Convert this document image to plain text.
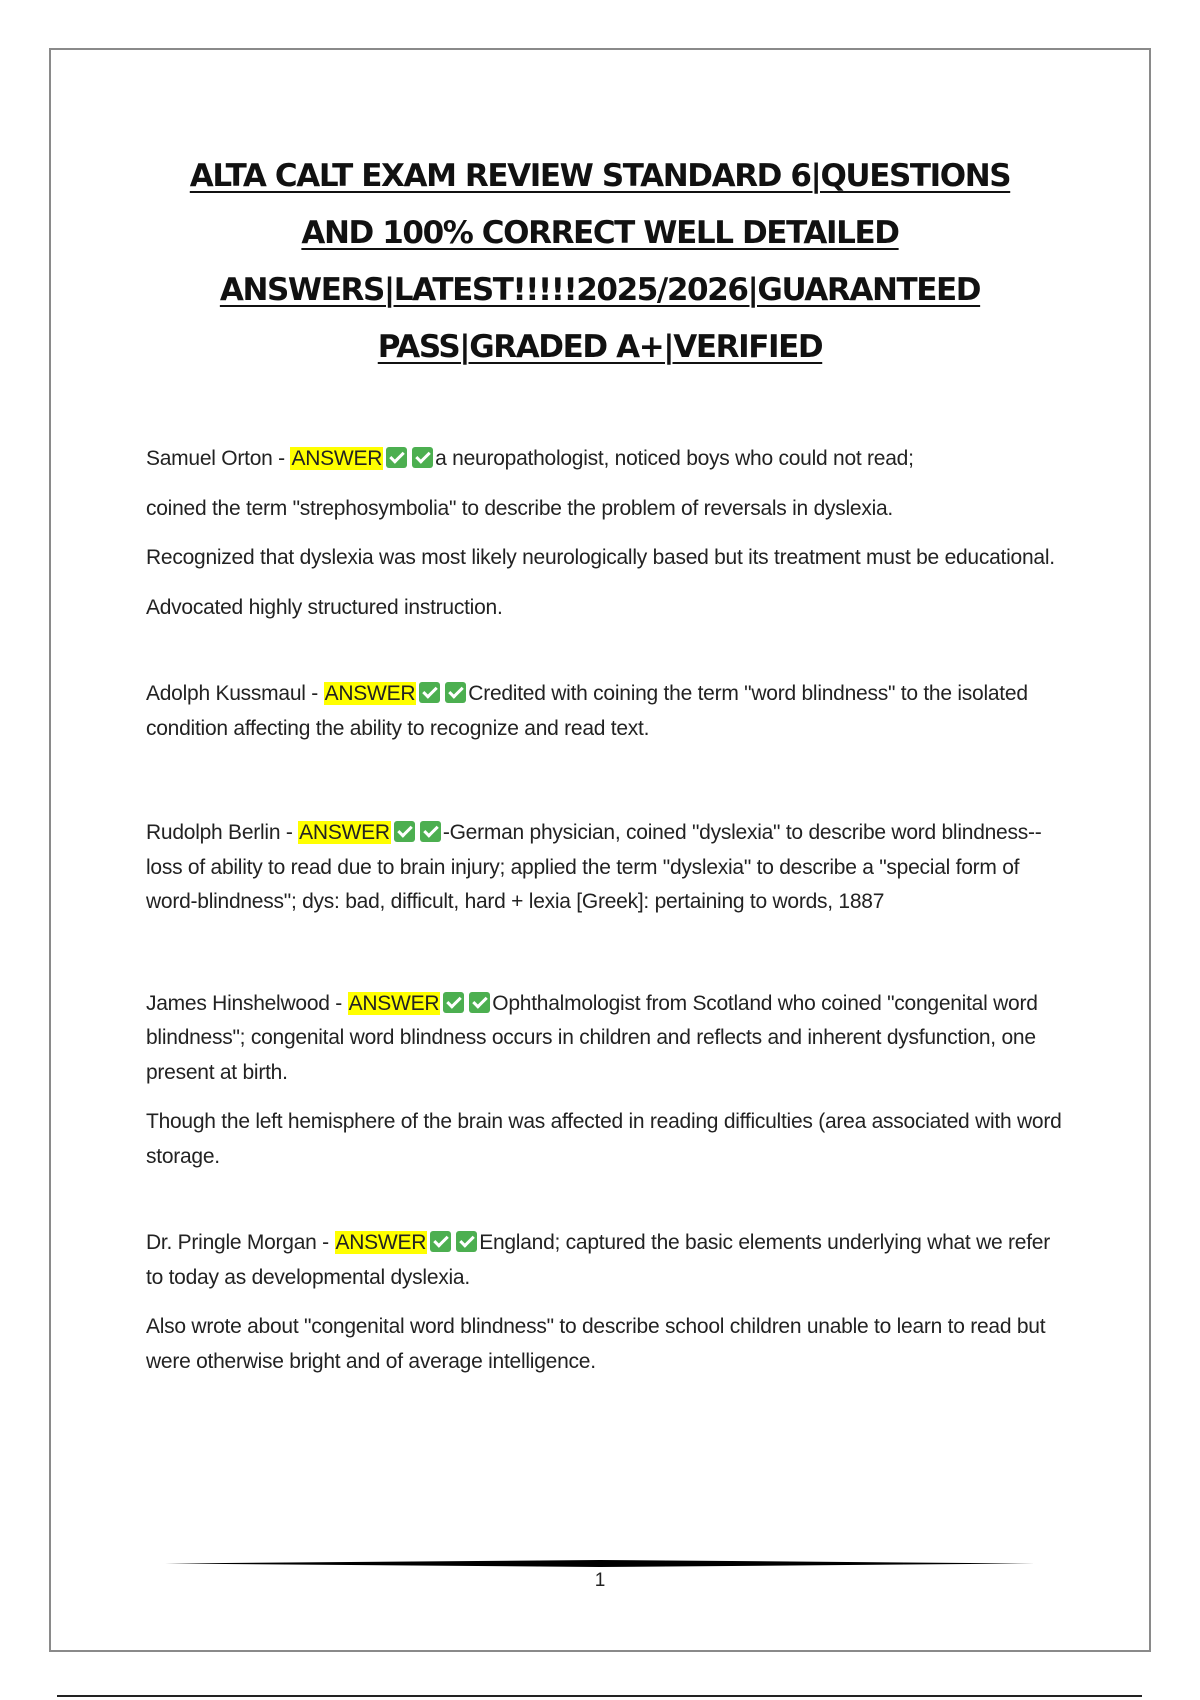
ALTA CALT EXAM REVIEW STANDARD 6|QUESTIONS AND 100% CORRECT WELL DETAILED ANSWERS|LATEST!!!!!2025/2026|GUARANTEED PASS|GRADED A+|VERIFIED

Samuel Orton - ANSWER	a neuropathologist, noticed boys who could not read;

coined the term "strephosymbolia" to describe the problem of reversals in dyslexia.

Recognized that dyslexia was most likely neurologically based but its treatment must be educational.

Advocated highly structured instruction.

Adolph Kussmaul - ANSWER	Credited with coining the term "word blindness" to the isolated condition affecting the ability to recognize and read text.

Rudolph Berlin - ANSWER	-German physician, coined "dyslexia" to describe word blindness-- loss of ability to read due to brain injury; applied the term "dyslexia" to describe a "special form of word-blindness"; dys: bad, difficult, hard + lexia [Greek]: pertaining to words, 1887

James Hinshelwood - ANSWER	Ophthalmologist from Scotland who coined "congenital word blindness"; congenital word blindness occurs in children and reflects and inherent dysfunction, one present at birth.

Though the left hemisphere of the brain was affected in reading difficulties (area associated with word storage.

Dr. Pringle Morgan - ANSWER	England; captured the basic elements underlying what we refer to today as developmental dyslexia.

Also wrote about "congenital word blindness" to describe school children unable to learn to read but were otherwise bright and of average intelligence.

1
